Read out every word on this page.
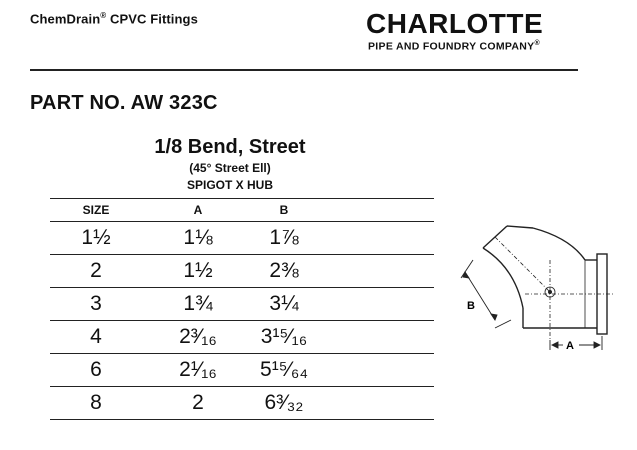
ChemDrain® CPVC Fittings	CHARLOTTE
PIPE AND FOUNDRY COMPANY®
PART NO. AW 323C
1/8 Bend, Street
(45° Street Ell)
SPIGOT X HUB
SIZE	A	B	
1½	1⅛	1⅞	
2	1½	2⅜	
3	1¾	3¼	
4	2³⁄₁₆	3¹⁵⁄₁₆	
6	2¹⁄₁₆	5¹⁵⁄₆₄	
8	2	6³⁄₃₂	
B
A
